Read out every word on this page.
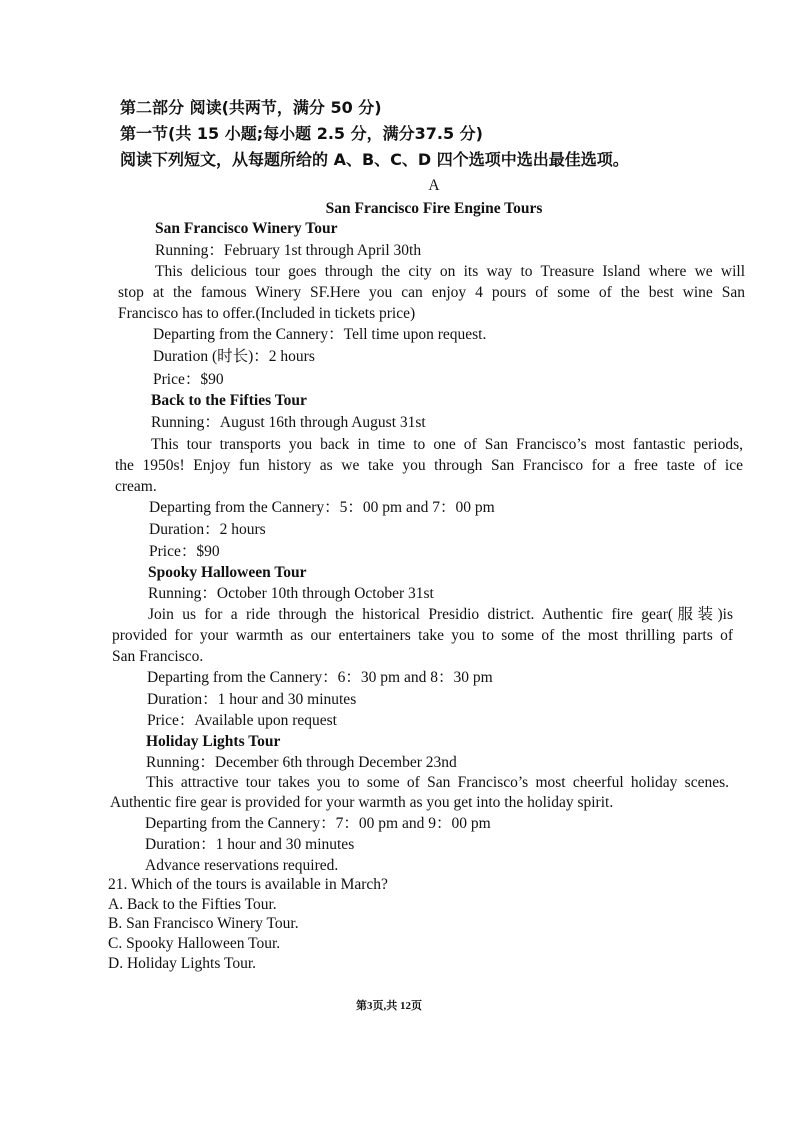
第二部分 阅读(共两节，满分 50 分)
第一节(共 15 小题;每小题 2.5 分，满分37.5 分)
阅读下列短文，从每题所给的 A、B、C、D 四个选项中选出最佳选项。
A
San Francisco Fire Engine Tours
San Francisco Winery Tour
Running：February 1st through April 30th
This delicious tour goes through the city on its way to Treasure Island where we will
stop at the famous Winery SF.Here you can enjoy 4 pours of some of the best wine San
Francisco has to offer.(Included in tickets price)
Departing from the Cannery：Tell time upon request.
Duration (时长)：2 hours
Price：$90
Back to the Fifties Tour
Running：August 16th through August 31st
This tour transports you back in time to one of San Francisco’s most fantastic periods,
the 1950s! Enjoy fun history as we take you through San Francisco for a free taste of ice
cream.
Departing from the Cannery：5：00 pm and 7：00 pm
Duration：2 hours
Price：$90
Spooky Halloween Tour
Running：October 10th through October 31st
Join us for a ride through the historical Presidio district. Authentic fire gear(服装)is
provided for your warmth as our entertainers take you to some of the most thrilling parts of
San Francisco.
Departing from the Cannery：6：30 pm and 8：30 pm
Duration：1 hour and 30 minutes
Price：Available upon request
Holiday Lights Tour
Running：December 6th through December 23nd
This attractive tour takes you to some of San Francisco’s most cheerful holiday scenes.
Authentic fire gear is provided for your warmth as you get into the holiday spirit.
Departing from the Cannery：7：00 pm and 9：00 pm
Duration：1 hour and 30 minutes
Advance reservations required.
21. Which of the tours is available in March?
A. Back to the Fifties Tour.
B. San Francisco Winery Tour.
C. Spooky Halloween Tour.
D. Holiday Lights Tour.
第3页,共 12页
